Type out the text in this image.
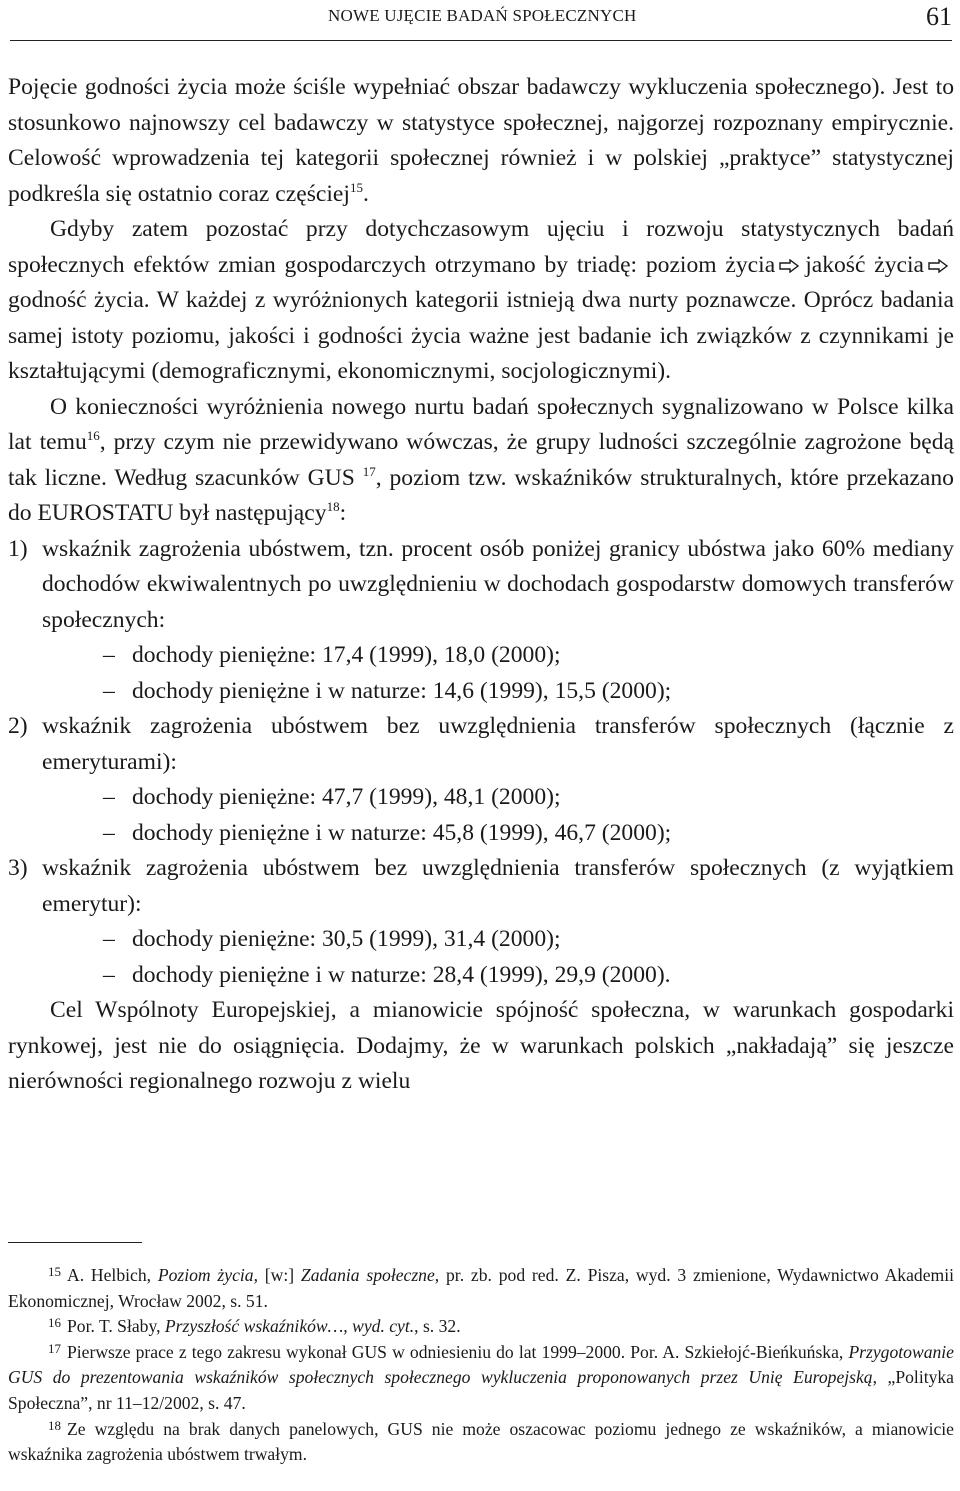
NOWE UJĘCIE BADAŃ SPOŁECZNYCH	61

Pojęcie godności życia może ściśle wypełniać obszar badawczy wykluczenia społecznego). Jest to stosunkowo najnowszy cel badawczy w statystyce społecznej, najgorzej rozpoznany empirycznie. Celowość wprowadzenia tej kategorii społecznej również i w polskiej „praktyce” statystycznej podkreśla się ostatnio coraz częściej$^{15}$.

Gdyby zatem pozostać przy dotychczasowym ujęciu i rozwoju statystycznych badań społecznych efektów zmian gospodarczych otrzymano by triadę: poziom życia jakość życiagodność życia. W każdej z wyróżnionych kategorii istnieją dwa nurty poznawcze. Oprócz badania samej istoty poziomu, jakości i godności życia ważne jest badanie ich związków z czynnikami je kształtującymi (demograficznymi, ekonomicznymi, socjologicznymi).

O konieczności wyróżnienia nowego nurtu badań społecznych sygnalizowano w Polsce kilka lat temu$^{16}$, przy czym nie przewidywano wówczas, że grupy ludności szczególnie zagrożone będą tak liczne. Według szacunków GUS $^{17}$, poziom tzw. wskaźników strukturalnych, które przekazano do EUROSTATU był następujący$^{18}$:

1) wskaźnik zagrożenia ubóstwem, tzn. procent osób poniżej granicy ubóstwa jako 60% mediany dochodów ekwiwalentnych po uwzględnieniu w dochodach gospodarstw domowych transferów społecznych:
– dochody pieniężne: 17,4 (1999), 18,0 (2000);
– dochody pieniężne i w naturze: 14,6 (1999), 15,5 (2000);
2) wskaźnik zagrożenia ubóstwem bez uwzględnienia transferów społecznych (łącznie z emeryturami):
– dochody pieniężne: 47,7 (1999), 48,1 (2000);
– dochody pieniężne i w naturze: 45,8 (1999), 46,7 (2000);
3) wskaźnik zagrożenia ubóstwem bez uwzględnienia transferów społecznych (z wyjątkiem emerytur):
– dochody pieniężne: 30,5 (1999), 31,4 (2000);
– dochody pieniężne i w naturze: 28,4 (1999), 29,9 (2000).

Cel Wspólnoty Europejskiej, a mianowicie spójność społeczna, w warunkach gospodarki rynkowej, jest nie do osiągnięcia. Dodajmy, że w warunkach polskich „nakładają” się jeszcze nierówności regionalnego rozwoju z wielu

$^{15}$ A. Helbich, Poziom życia, [w:] Zadania społeczne, pr. zb. pod red. Z. Pisza, wyd. 3 zmienione, Wydawnictwo Akademii Ekonomicznej, Wrocław 2002, s. 51.

$^{16}$ Por. T. Słaby, Przyszłość wskaźników…, wyd. cyt., s. 32.

$^{17}$ Pierwsze prace z tego zakresu wykonał GUS w odniesieniu do lat 1999–2000. Por. A. Szkiełojć-Bieńkuńska, Przygotowanie GUS do prezentowania wskaźników społecznych społecznego wykluczenia proponowanych przez Unię Europejską, „Polityka Społeczna”, nr 11–12/2002, s. 47.

$^{18}$ Ze względu na brak danych panelowych, GUS nie może oszacowac poziomu jednego ze wskaźników, a mianowicie wskaźnika zagrożenia ubóstwem trwałym.
